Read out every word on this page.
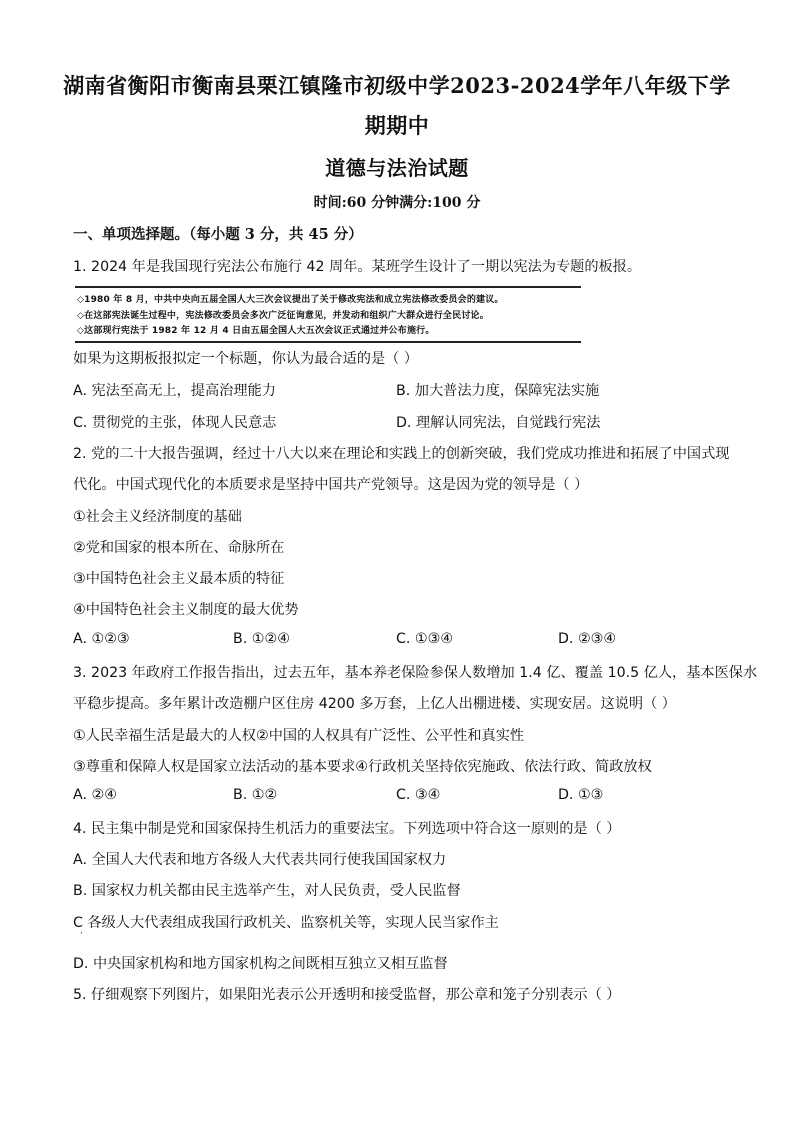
湖南省衡阳市衡南县栗江镇隆市初级中学2023-2024学年八年级下学
期期中
道德与法治试题
时间:60 分钟满分:100 分
一、单项选择题。（每小题 3 分，共 45 分）
1. 2024 年是我国现行宪法公布施行 42 周年。某班学生设计了一期以宪法为专题的板报。
◇1980 年 8 月，中共中央向五届全国人大三次会议提出了关于修改宪法和成立宪法修改委员会的建议。
◇在这部宪法诞生过程中，宪法修改委员会多次广泛征询意见，并发动和组织广大群众进行全民讨论。
◇这部现行宪法于 1982 年 12 月 4 日由五届全国人大五次会议正式通过并公布施行。
如果为这期板报拟定一个标题，你认为最合适的是（ ）
A. 宪法至高无上，提高治理能力	B. 加大普法力度，保障宪法实施
C. 贯彻党的主张，体现人民意志	D. 理解认同宪法，自觉践行宪法
2. 党的二十大报告强调，经过十八大以来在理论和实践上的创新突破，我们党成功推进和拓展了中国式现
代化。中国式现代化的本质要求是坚持中国共产党领导。这是因为党的领导是（ ）
①社会主义经济制度的基础
②党和国家的根本所在、命脉所在
③中国特色社会主义最本质的特征
④中国特色社会主义制度的最大优势
A. ①②③	B. ①②④	C. ①③④	D. ②③④
3. 2023 年政府工作报告指出，过去五年，基本养老保险参保人数增加 1.4 亿、覆盖 10.5 亿人，基本医保水
平稳步提高。多年累计改造棚户区住房 4200 多万套，上亿人出棚进楼、实现安居。这说明（ ）
①人民幸福生活是最大的人权②中国的人权具有广泛性、公平性和真实性
③尊重和保障人权是国家立法活动的基本要求④行政机关坚持依宪施政、依法行政、简政放权
A. ②④	B. ①②	C. ③④	D. ①③
4. 民主集中制是党和国家保持生机活力的重要法宝。下列选项中符合这一原则的是（ ）
A. 全国人大代表和地方各级人大代表共同行使我国国家权力
B. 国家权力机关都由民主选举产生，对人民负责，受人民监督
C 各级人大代表组成我国行政机关、监察机关等，实现人民当家作主
·
D. 中央国家机构和地方国家机构之间既相互独立又相互监督
5. 仔细观察下列图片，如果阳光表示公开透明和接受监督，那公章和笼子分别表示（ ）
